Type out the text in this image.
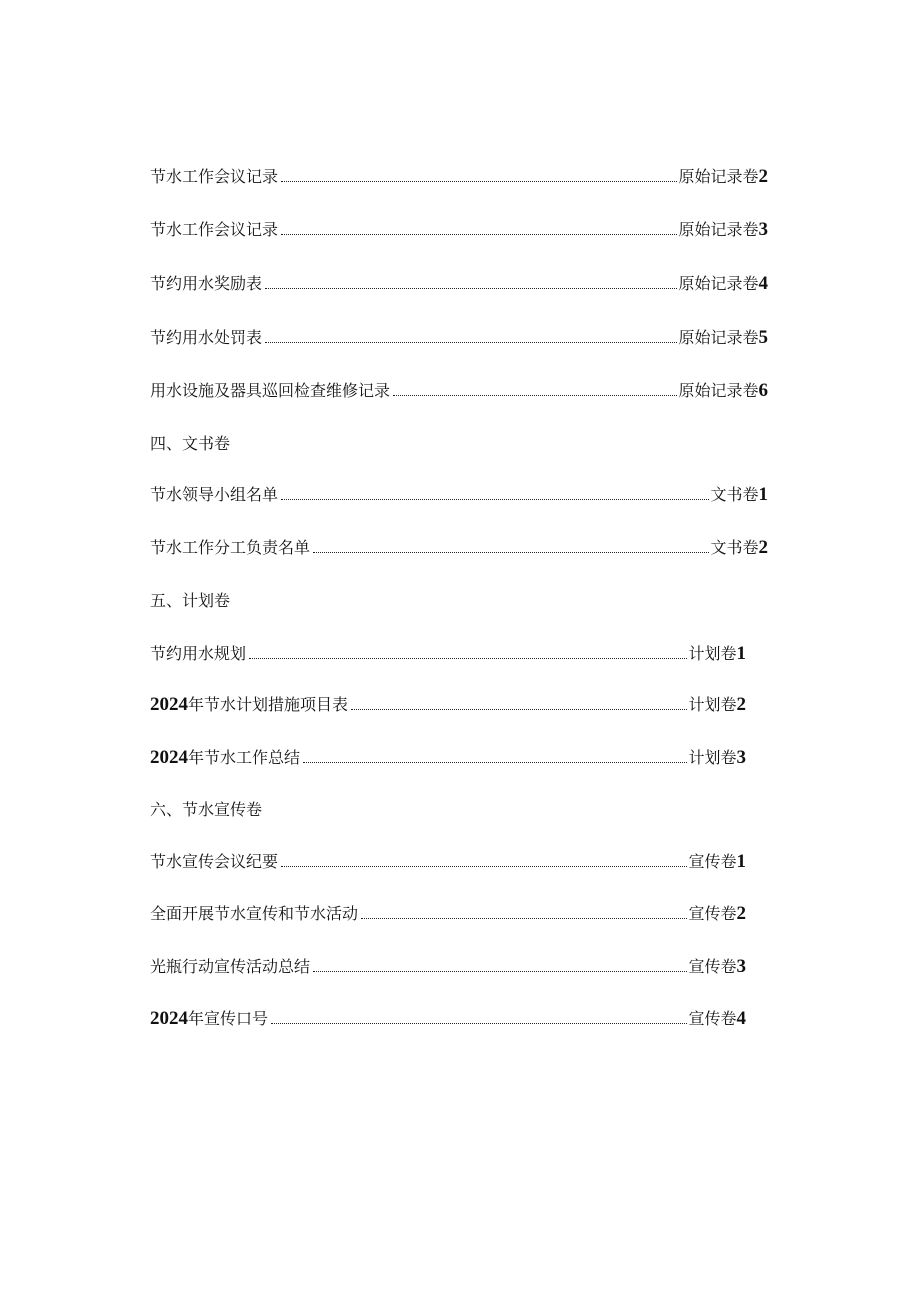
节水工作会议记录	原始记录卷 2
节水工作会议记录	原始记录卷 3
节约用水奖励表	原始记录卷 4
节约用水处罚表	原始记录卷 5
用水设施及器具巡回检查维修记录	原始记录卷 6
四、文书卷
节水领导小组名单	文书卷 1
节水工作分工负责名单	文书卷 2
五、计划卷
节约用水规划	计划卷 1
2024年节水计划措施项目表	计划卷 2
2024年节水工作总结	计划卷 3
六、节水宣传卷
节水宣传会议纪要	宣传卷 1
全面开展节水宣传和节水活动	宣传卷 2
光瓶行动宣传活动总结	宣传卷 3
2024年宣传口号	宣传卷 4
